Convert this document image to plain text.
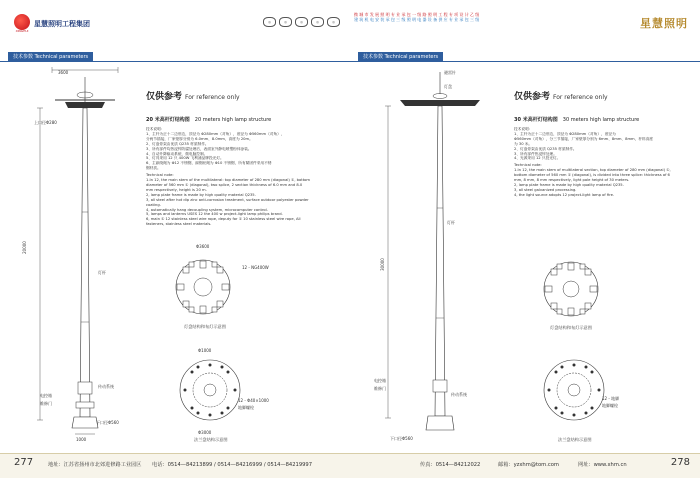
XINGHUI
星慧照明工程集团	◎	◎	◎	◎	◎
技术参数 Technical parameters
3600
20000
上口径Φ280
灯杆
传动系统
电控箱
维修门
下口径Φ560
1000
仅供参考 For reference only
20 米高杆灯结构图 20 meters high lamp structure
技术说明：
1、主杆为正十二边形边，顶径为 Φ280mm（对角），底径为 Φ560mm（对角），
分两节插接，厂家壁厚分别为 6.0mm、8.0mm，高度为 20m。
2、灯盘骨架由优质 Q235 材质制作。
3、所有部件均热浸锌防腐处理后，表面室外静电喷塑粉体涂装。
4、自动升降驱动系统，微电脑控制。
5、灯具采用 12 只 400W 飞利浦品牌投光灯。
6、主副绕绳为 Φ12 不锈钢，副钢丝绳为 Φ10 不锈钢，所有紧固件采用不锈
钢材质。
Technical note:
1.In 12, the main stem of the multilateral: top diameter of 280 mm (diagonal) ①, bottom
diameter of 560 mm ① (diagonal), two splice, 2 section thickness of 6.0 mm and 8.0
mm respectively, height is 20 m.
2, lamp plate frame is made by high quality material Q235.
3, all steel after hot dip zinc anti-corrosion treatment, surface outdoor polyester powder
coating.
4, automatically hang decoupling system, microcomputer control.
5, lamps and lanterns USES 12 the 400 w project-light lamp philips brand.
6, main ① 12 stainless steel wire rope, deputy for ① 10 stainless steel wire rope, All
fasteners, stainless steel materials.
Φ3600
12 - NG400W
灯盘结构和布灯示意图
Φ1000
Φ3000
12 - Φ40×1000
地脚螺栓
法兰盘结构示意图
277	地址：江苏省扬州市北郊进修路工业园区 电话：0514—84213899 / 0514—84216999 / 0514—84219997
携 城 市 发 展 照 明 专 业 承 包 一 级 路 照 明 工 程 专 项 设 计 乙 级
建 筑 机 电 安 装 承 包 三 级 照 明 电 器 设 备 供 应 专 业 承 包 三 级	星慧照明
技术参数 Technical parameters
30000
避雷针
灯盘
灯杆
传动系统
电控箱
维修门
下口径Φ560
仅供参考 For reference only
30 米高杆灯结构图 30 meters high lamp structure
技术说明：
1、主杆为正十二边形边，顶径为 Φ280mm（对角），底径为
Φ560mm（对角），分三节插接，厂家壁厚分别为 6mm、8mm、8mm，杆料高度
为 30 米。
2、灯盘骨架由优质 Q235 材质制作。
3、所有部件热浸锌处理。
4、光源采用 12 只投光灯。
Technical note:
1.In 12, the main stem of multilateral section, top diameter of 280 mm (diagonal) ①,
bottom diameter of 560 mm ① (diagonal), is divided into three splice: thickness of 6
mm, 8 mm, 8 mm respectively, light pole height of 30 meters.
2, lamp plate frame is made by high quality material Q235.
3, all steel galvanized processing.
4, the light source adopts 12 project-light lamp of fire.
灯盘结构和布灯示意图
12 - 地脚
地脚螺栓
法兰盘结构示意图
传真：0514—84212022	邮箱：yzxhm@tom.com	网址：www.xhm.cn	278
